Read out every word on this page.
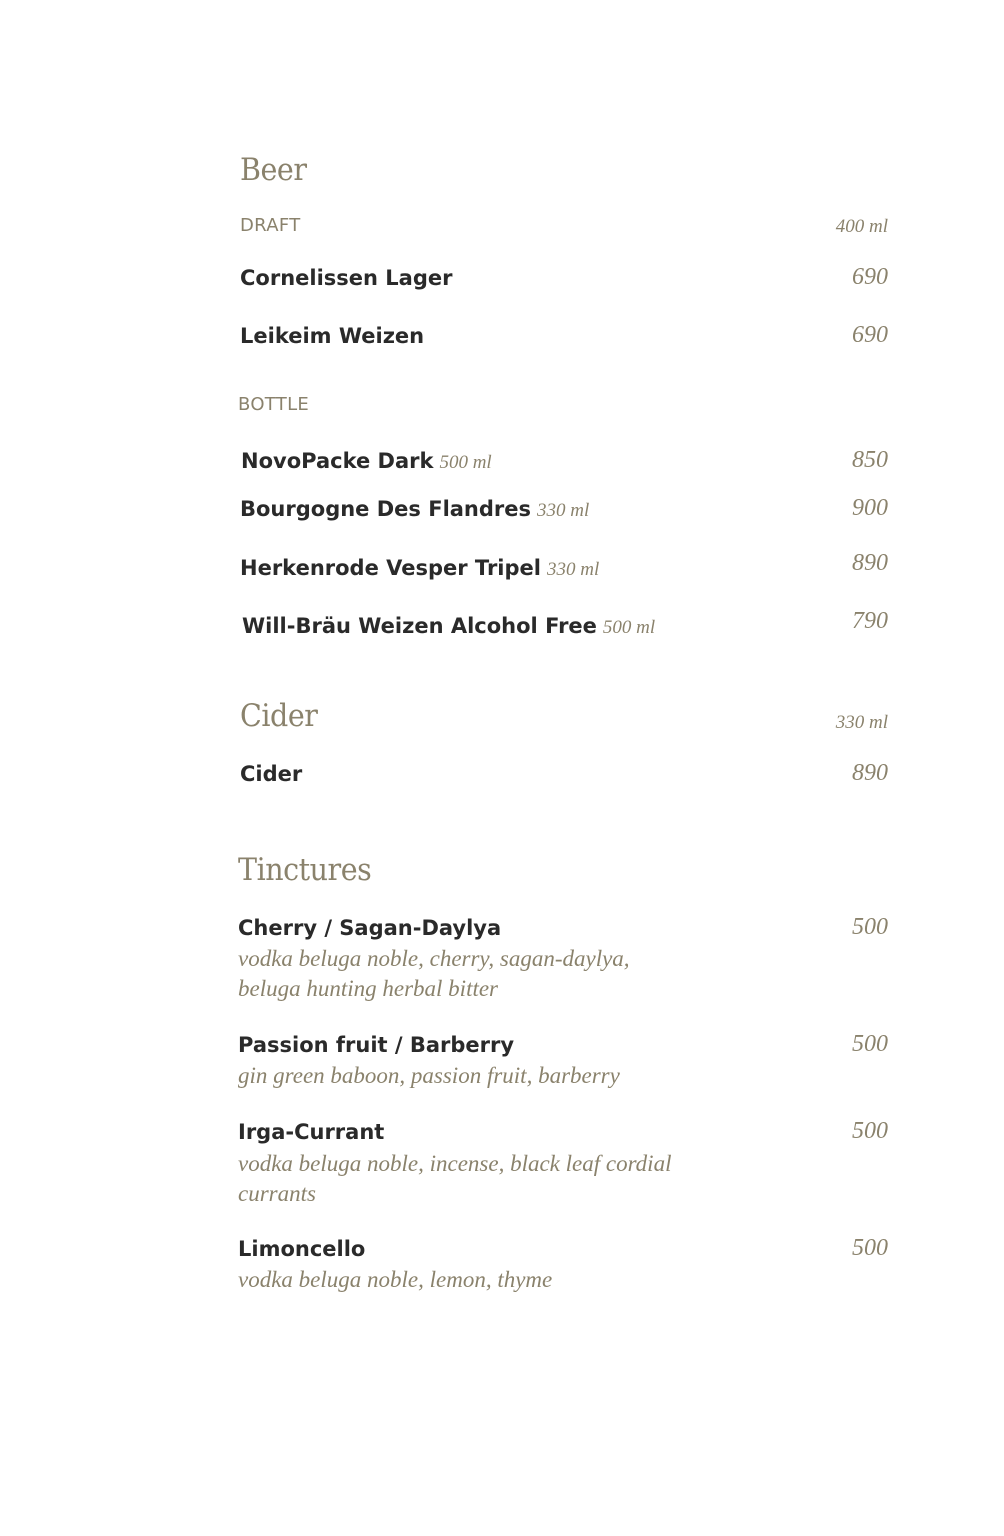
Beer
DRAFT	400 ml
Cornelissen Lager	690
Leikeim Weizen	690
BOTTLE
NovoPacke Dark 500 ml	850
Bourgogne Des Flandres 330 ml	900
Herkenrode Vesper Tripel 330 ml	890
Will-Bräu Weizen Alcohol Free 500 ml	790
Cider	330 ml
Cider	890
Tinctures
Cherry / Sagan-Daylya	500
vodka beluga noble, cherry, sagan-daylya,
beluga hunting herbal bitter
Passion fruit / Barberry	500
gin green baboon, passion fruit, barberry
Irga-Currant	500
vodka beluga noble, incense, black leaf cordial
currants
Limoncello	500
vodka beluga noble, lemon, thyme
